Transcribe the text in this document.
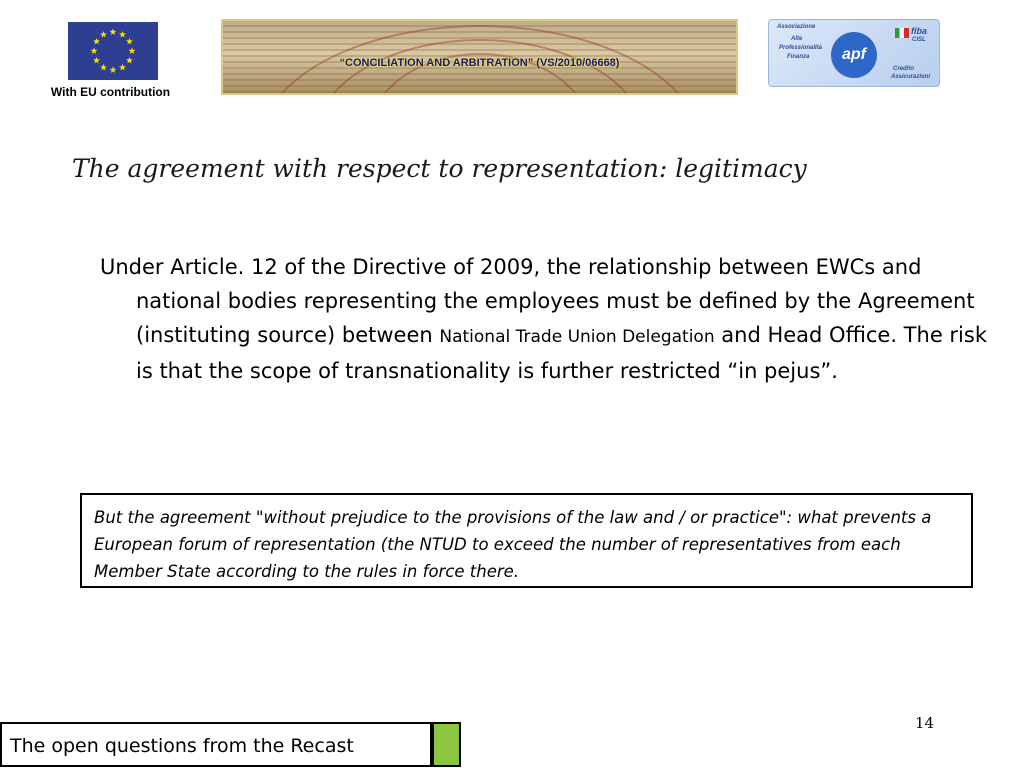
With EU contribution
“CONCILIATION AND ARBITRATION” (VS/2010/06668)
Associazione
Alte
Professionalità
Finanza	apf
fiba
CISL
Credito
Assicurazioni
The agreement with respect to representation: legitimacy

Under Article. 12 of the Directive of 2009, the relationship between EWCs and national bodies representing the employees must be defined by the Agreement (instituting source) between National Trade Union Delegation and Head Office. The risk is that the scope of transnationality is further restricted “in pejus”.

But the agreement "without prejudice to the provisions of the law and / or practice": what prevents a European forum of representation (the NTUD to exceed the number of representatives from each Member State according to the rules in force there.
14
The open questions from the Recast
